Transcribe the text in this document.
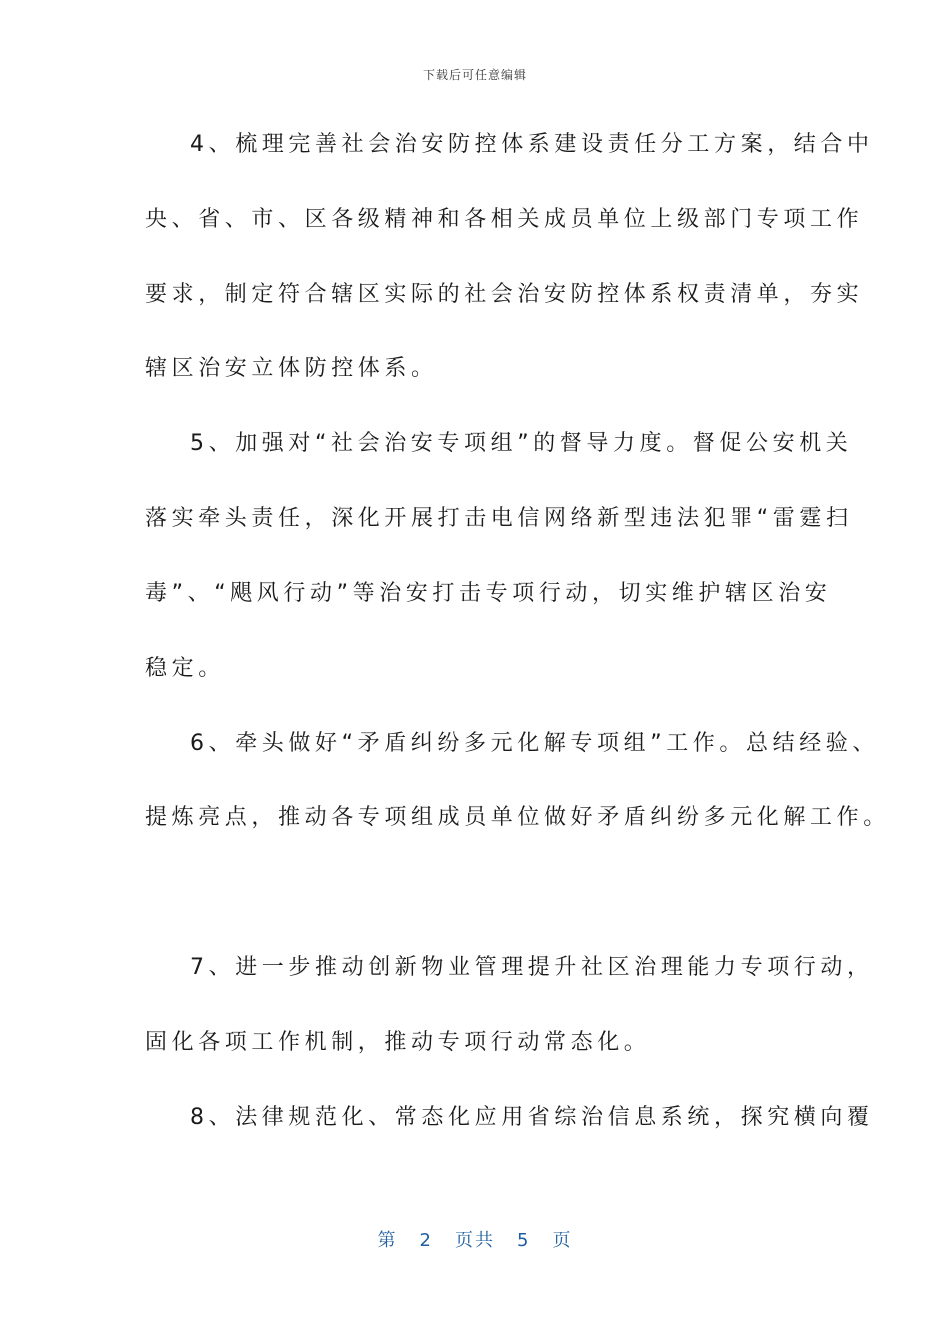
下载后可任意编辑
4、梳理完善社会治安防控体系建设责任分工方案，结合中
央、省、市、区各级精神和各相关成员单位上级部门专项工作
要求，制定符合辖区实际的社会治安防控体系权责清单，夯实
辖区治安立体防控体系。
5、加强对“社会治安专项组”的督导力度。督促公安机关
落实牵头责任，深化开展打击电信网络新型违法犯罪“雷霆扫
毒”、“飓风行动”等治安打击专项行动，切实维护辖区治安
稳定。
6、牵头做好“矛盾纠纷多元化解专项组”工作。总结经验、
提炼亮点，推动各专项组成员单位做好矛盾纠纷多元化解工作。
7、进一步推动创新物业管理提升社区治理能力专项行动，
固化各项工作机制，推动专项行动常态化。
8、法律规范化、常态化应用省综治信息系统，探究横向覆
第 2 页共 5 页
